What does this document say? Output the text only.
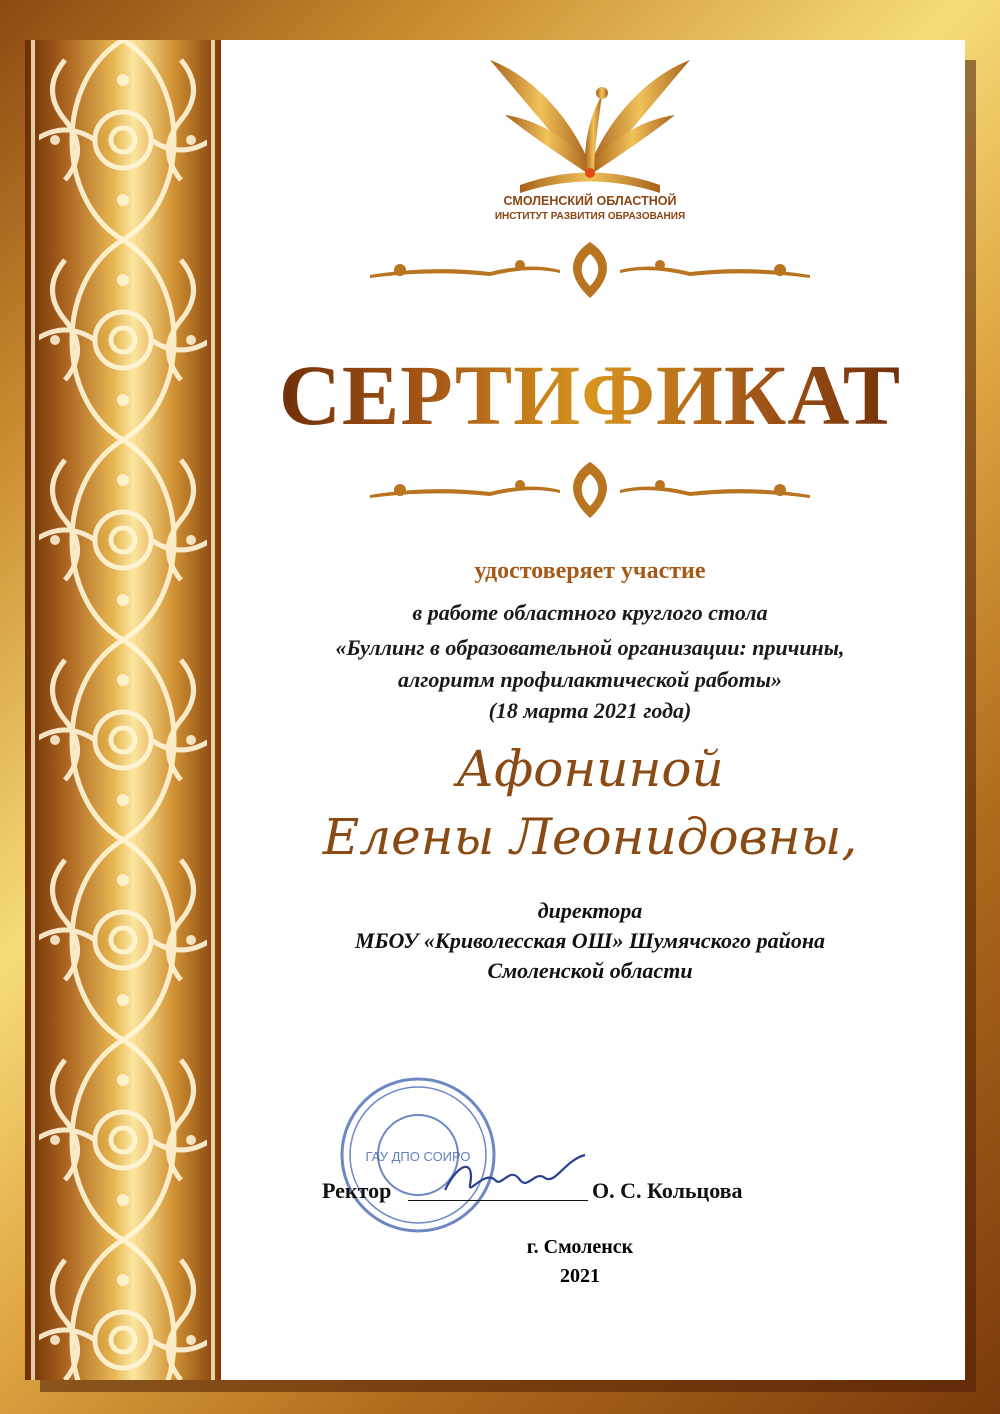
СМОЛЕНСКИЙ ОБЛАСТНОЙ
ИНСТИТУТ РАЗВИТИЯ ОБРАЗОВАНИЯ
СЕРТИФИКАТ
удостоверяет участие
в работе областного круглого стола
«Буллинг в образовательной организации: причины,
алгоритм профилактической работы»
(18 марта 2021 года)
Афониной
Елены Леонидовны,
директора
МБОУ «Криволесская ОШ» Шумячского района
Смоленской области
ГАУ ДПО СОИРО
Ректор	О. С. Кольцова
г. Смоленск
2021
